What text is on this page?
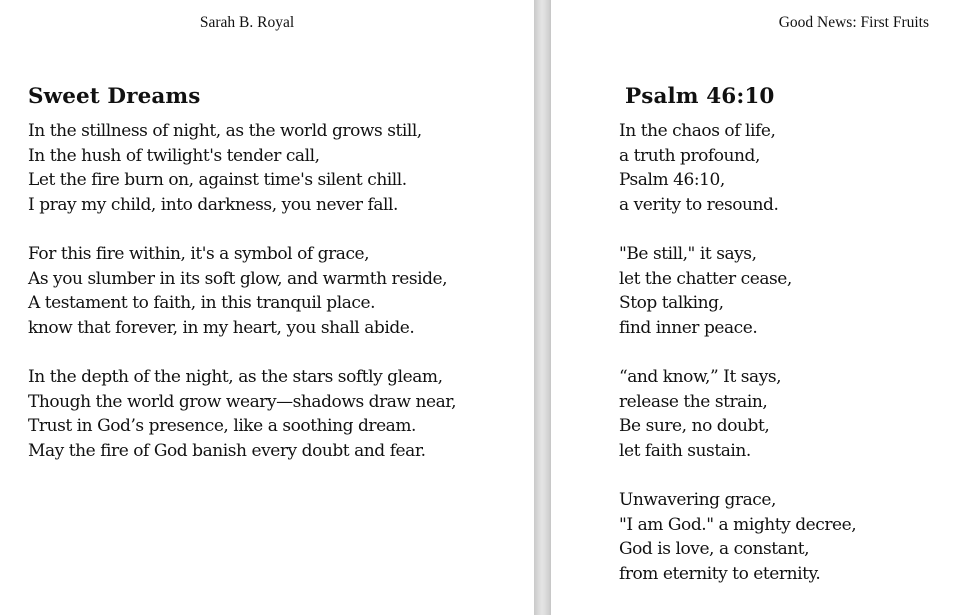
Sarah B. Royal
Sweet Dreams

In the stillness of night, as the world grows still,
In the hush of twilight's tender call,
Let the fire burn on, against time's silent chill.
I pray my child, into darkness, you never fall.

For this fire within, it's a symbol of grace,
As you slumber in its soft glow, and warmth reside,
A testament to faith, in this tranquil place.
know that forever, in my heart, you shall abide.

In the depth of the night, as the stars softly gleam,
Though the world grow weary—shadows draw near,
Trust in God’s presence, like a soothing dream.
May the fire of God banish every doubt and fear.

Good News: First Fruits
Psalm 46:10

In the chaos of life,
a truth profound,
Psalm 46:10,
a verity to resound.

"Be still," it says,
let the chatter cease,
Stop talking,
find inner peace.

“and know,” It says,
release the strain,
Be sure, no doubt,
let faith sustain.

Unwavering grace,
"I am God." a mighty decree,
God is love, a constant,
from eternity to eternity.
